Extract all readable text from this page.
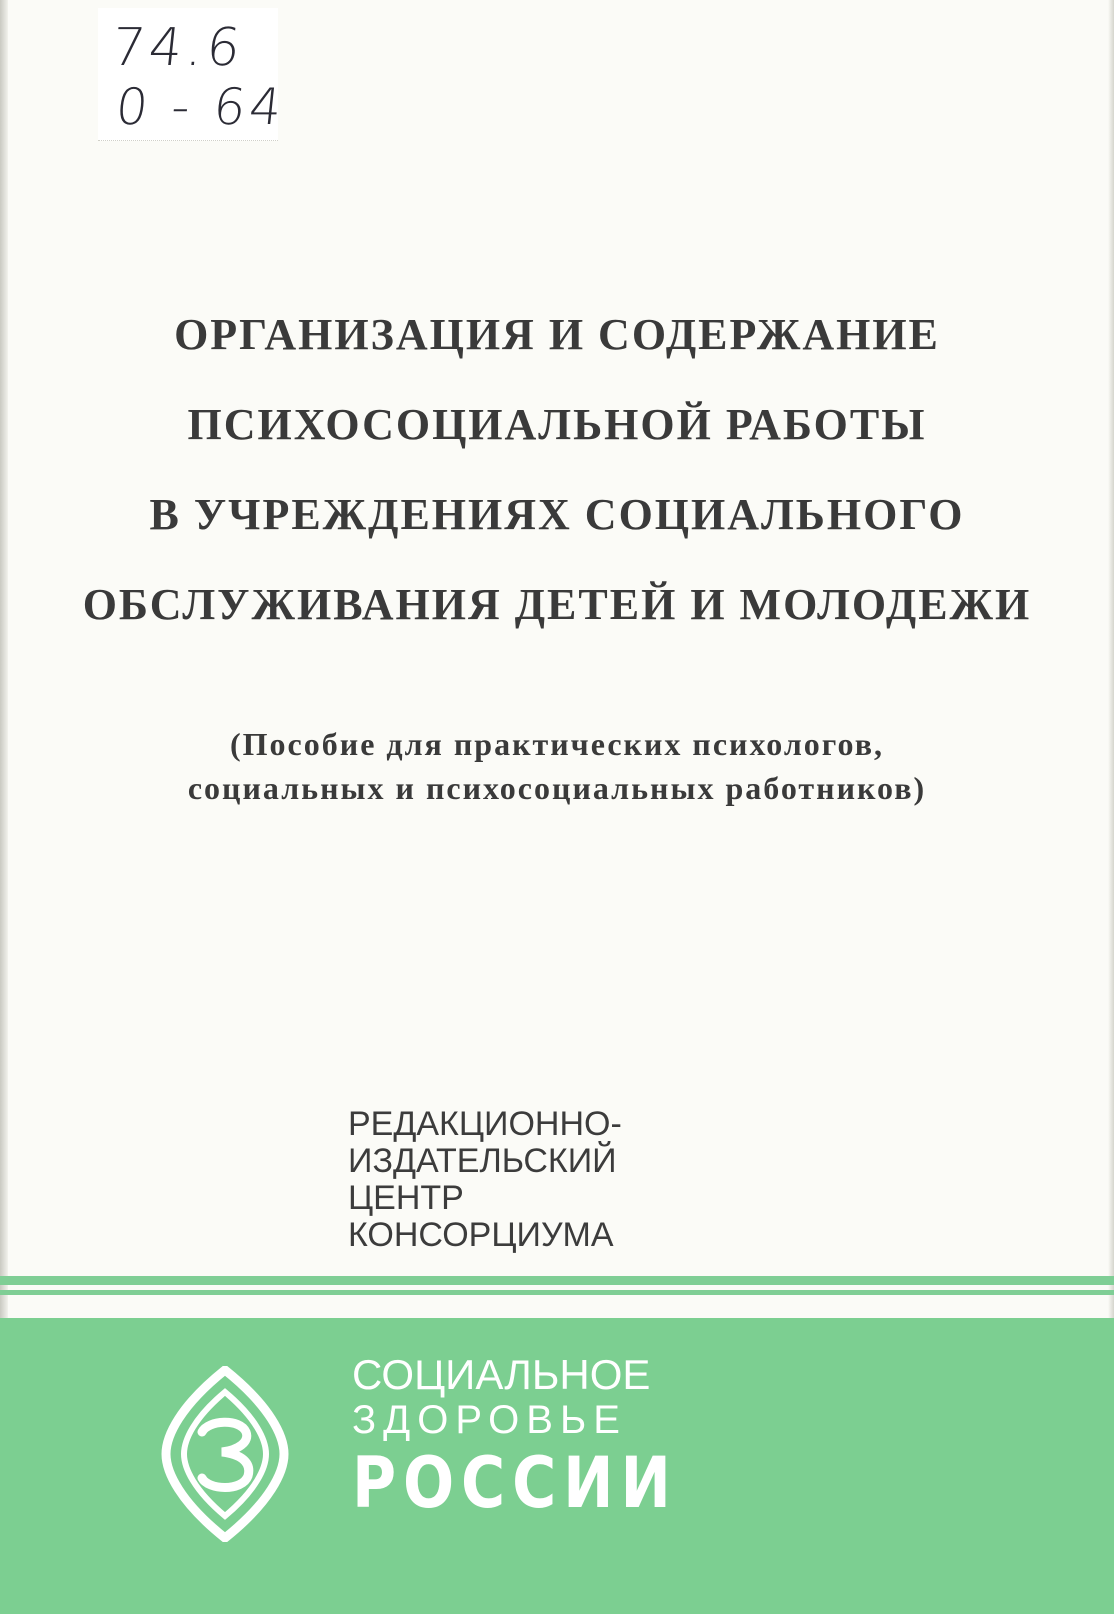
74.6
0 - 64
ОРГАНИЗАЦИЯ И СОДЕРЖАНИЕ
ПСИХОСОЦИАЛЬНОЙ РАБОТЫ
В УЧРЕЖДЕНИЯХ СОЦИАЛЬНОГО
ОБСЛУЖИВАНИЯ ДЕТЕЙ И МОЛОДЕЖИ
(Пособие для практических психологов,
социальных и психосоциальных работников)
РЕДАКЦИОННО-
ИЗДАТЕЛЬСКИЙ
ЦЕНТР
КОНСОРЦИУМА
СОЦИАЛЬНОЕ
ЗДОРОВЬЕ
РОССИИ
